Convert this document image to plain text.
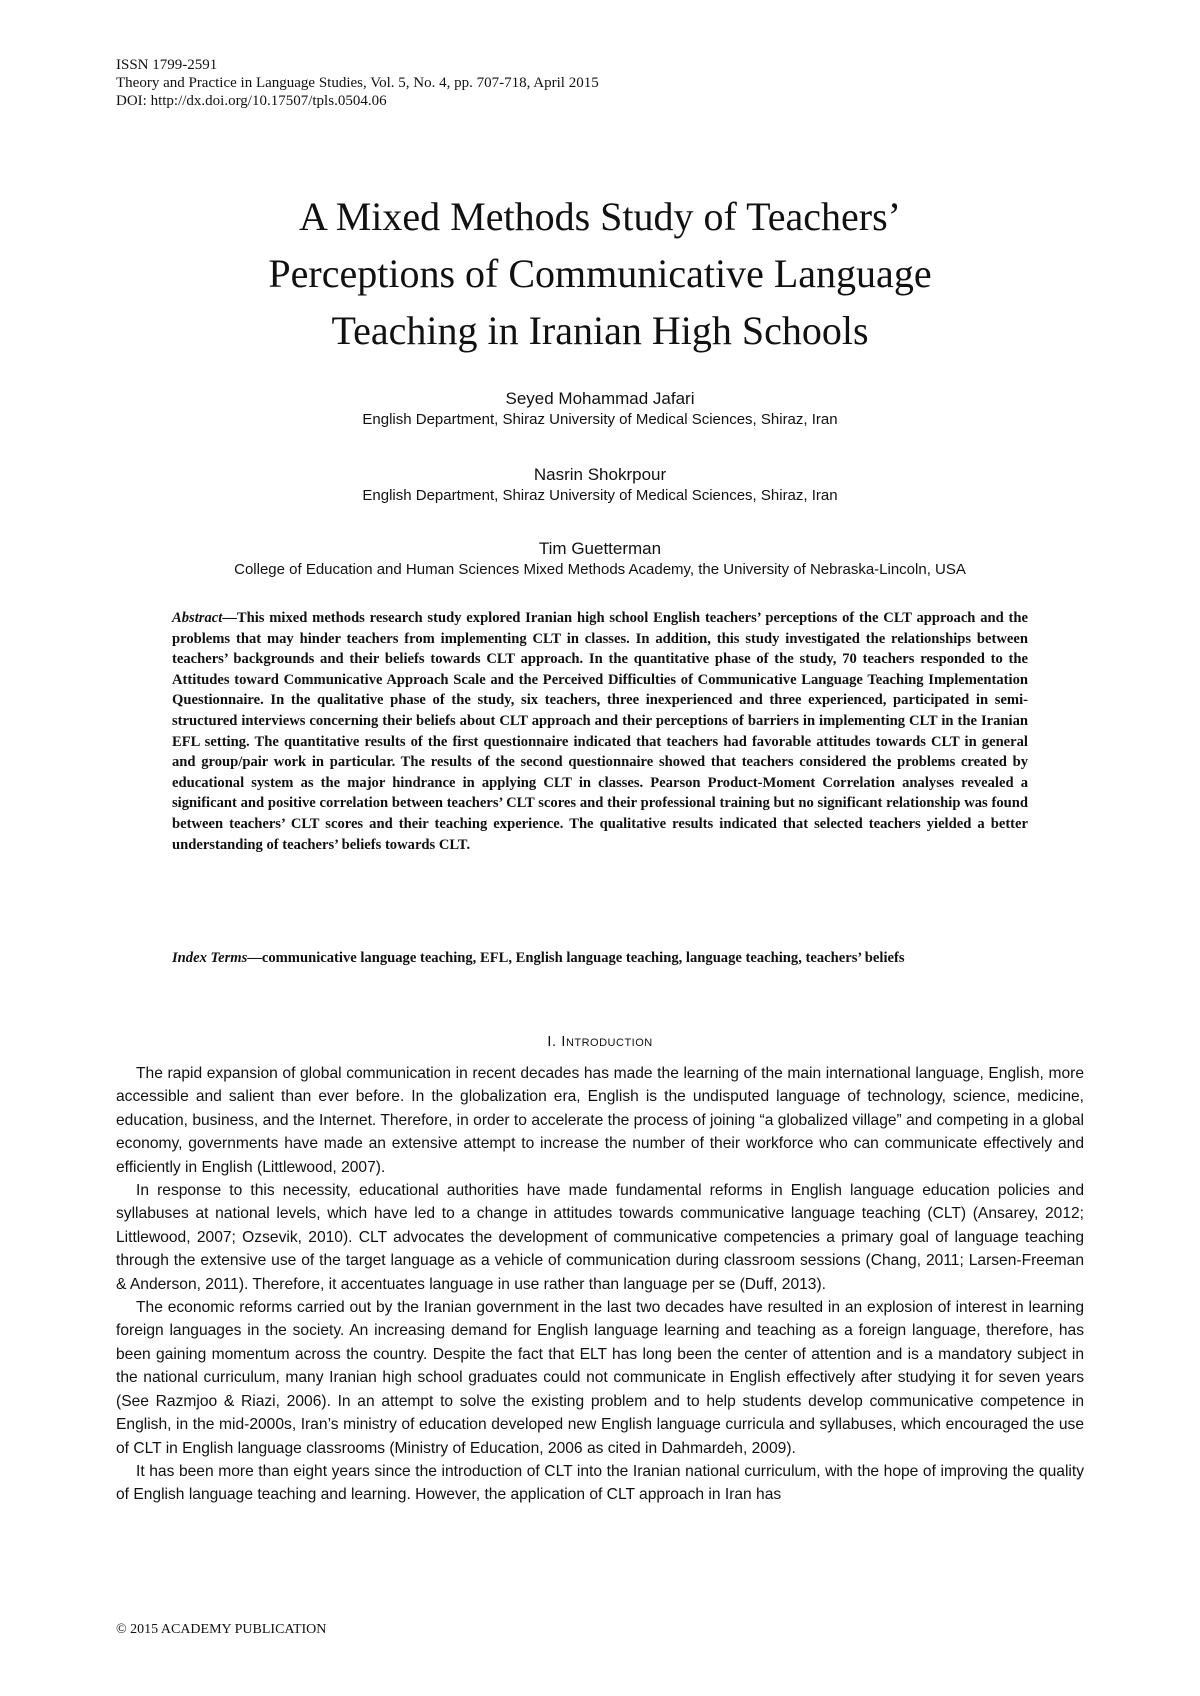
ISSN 1799-2591
Theory and Practice in Language Studies, Vol. 5, No. 4, pp. 707-718, April 2015
DOI: http://dx.doi.org/10.17507/tpls.0504.06
A Mixed Methods Study of Teachers’
Perceptions of Communicative Language
Teaching in Iranian High Schools
Seyed Mohammad Jafari
English Department, Shiraz University of Medical Sciences, Shiraz, Iran
Nasrin Shokrpour
English Department, Shiraz University of Medical Sciences, Shiraz, Iran
Tim Guetterman
College of Education and Human Sciences Mixed Methods Academy, the University of Nebraska-Lincoln, USA

Abstract—This mixed methods research study explored Iranian high school English teachers’ perceptions of the CLT approach and the problems that may hinder teachers from implementing CLT in classes. In addition, this study investigated the relationships between teachers’ backgrounds and their beliefs towards CLT approach. In the quantitative phase of the study, 70 teachers responded to the Attitudes toward Communicative Approach Scale and the Perceived Difficulties of Communicative Language Teaching Implementation Questionnaire. In the qualitative phase of the study, six teachers, three inexperienced and three experienced, participated in semi-structured interviews concerning their beliefs about CLT approach and their perceptions of barriers in implementing CLT in the Iranian EFL setting. The quantitative results of the first questionnaire indicated that teachers had favorable attitudes towards CLT in general and group/pair work in particular. The results of the second questionnaire showed that teachers considered the problems created by educational system as the major hindrance in applying CLT in classes. Pearson Product-Moment Correlation analyses revealed a significant and positive correlation between teachers’ CLT scores and their professional training but no significant relationship was found between teachers’ CLT scores and their teaching experience. The qualitative results indicated that selected teachers yielded a better understanding of teachers’ beliefs towards CLT.

Index Terms—communicative language teaching, EFL, English language teaching, language teaching, teachers’ beliefs

I. Introduction

The rapid expansion of global communication in recent decades has made the learning of the main international language, English, more accessible and salient than ever before. In the globalization era, English is the undisputed language of technology, science, medicine, education, business, and the Internet. Therefore, in order to accelerate the process of joining “a globalized village” and competing in a global economy, governments have made an extensive attempt to increase the number of their workforce who can communicate effectively and efficiently in English (Littlewood, 2007).

In response to this necessity, educational authorities have made fundamental reforms in English language education policies and syllabuses at national levels, which have led to a change in attitudes towards communicative language teaching (CLT) (Ansarey, 2012; Littlewood, 2007; Ozsevik, 2010). CLT advocates the development of communicative competencies a primary goal of language teaching through the extensive use of the target language as a vehicle of communication during classroom sessions (Chang, 2011; Larsen-Freeman & Anderson, 2011). Therefore, it accentuates language in use rather than language per se (Duff, 2013).

The economic reforms carried out by the Iranian government in the last two decades have resulted in an explosion of interest in learning foreign languages in the society. An increasing demand for English language learning and teaching as a foreign language, therefore, has been gaining momentum across the country. Despite the fact that ELT has long been the center of attention and is a mandatory subject in the national curriculum, many Iranian high school graduates could not communicate in English effectively after studying it for seven years (See Razmjoo & Riazi, 2006). In an attempt to solve the existing problem and to help students develop communicative competence in English, in the mid-2000s, Iran’s ministry of education developed new English language curricula and syllabuses, which encouraged the use of CLT in English language classrooms (Ministry of Education, 2006 as cited in Dahmardeh, 2009).

It has been more than eight years since the introduction of CLT into the Iranian national curriculum, with the hope of improving the quality of English language teaching and learning. However, the application of CLT approach in Iran has

© 2015 ACADEMY PUBLICATION
